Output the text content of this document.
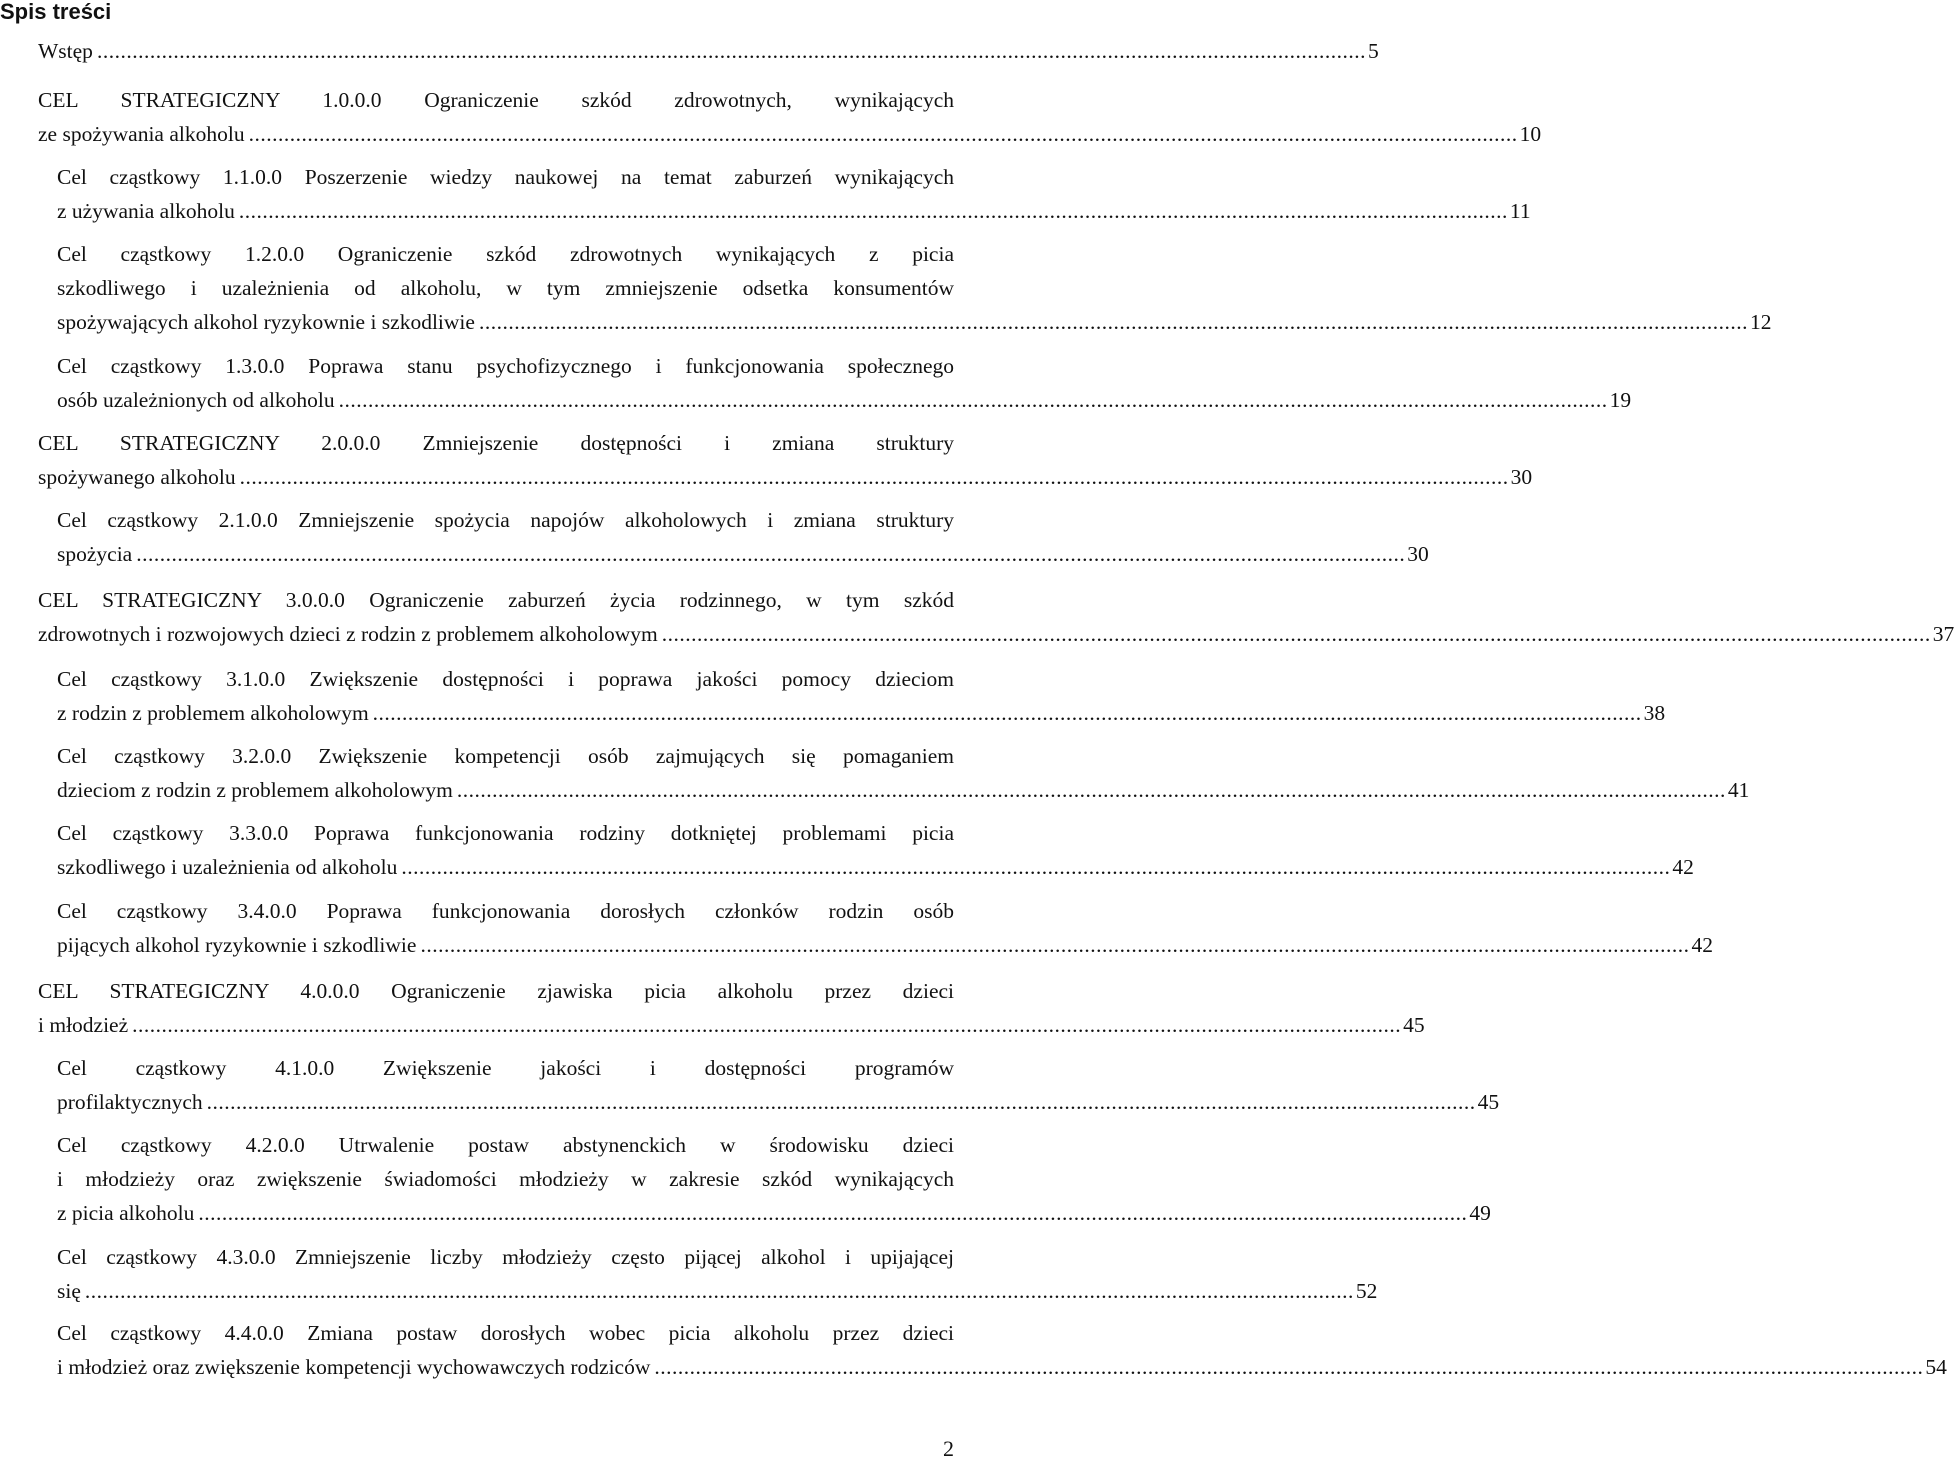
Spis treści
Wstęp ........................................................................................................................................................................................................................ 5
CEL STRATEGICZNY 1.0.0.0 Ograniczenie szkód zdrowotnych, wynikających
ze spożywania alkoholu ........................................................................................................................................................................................................................ 10
Cel cząstkowy 1.1.0.0 Poszerzenie wiedzy naukowej na temat zaburzeń wynikających
z używania alkoholu ........................................................................................................................................................................................................................ 11
Cel cząstkowy 1.2.0.0 Ograniczenie szkód zdrowotnych wynikających z picia
szkodliwego i uzależnienia od alkoholu, w tym zmniejszenie odsetka konsumentów
spożywających alkohol ryzykownie i szkodliwie ........................................................................................................................................................................................................................ 12
Cel cząstkowy 1.3.0.0 Poprawa stanu psychofizycznego i funkcjonowania społecznego
osób uzależnionych od alkoholu ........................................................................................................................................................................................................................ 19
CEL STRATEGICZNY 2.0.0.0 Zmniejszenie dostępności i zmiana struktury
spożywanego alkoholu ........................................................................................................................................................................................................................ 30
Cel cząstkowy 2.1.0.0 Zmniejszenie spożycia napojów alkoholowych i zmiana struktury
spożycia ........................................................................................................................................................................................................................ 30
CEL STRATEGICZNY 3.0.0.0 Ograniczenie zaburzeń życia rodzinnego, w tym szkód
zdrowotnych i rozwojowych dzieci z rodzin z problemem alkoholowym ........................................................................................................................................................................................................................ 37
Cel cząstkowy 3.1.0.0 Zwiększenie dostępności i poprawa jakości pomocy dzieciom
z rodzin z problemem alkoholowym ........................................................................................................................................................................................................................ 38
Cel cząstkowy 3.2.0.0 Zwiększenie kompetencji osób zajmujących się pomaganiem
dzieciom z rodzin z problemem alkoholowym ........................................................................................................................................................................................................................ 41
Cel cząstkowy 3.3.0.0 Poprawa funkcjonowania rodziny dotkniętej problemami picia
szkodliwego i uzależnienia od alkoholu ........................................................................................................................................................................................................................ 42
Cel cząstkowy 3.4.0.0 Poprawa funkcjonowania dorosłych członków rodzin osób
pijących alkohol ryzykownie i szkodliwie ........................................................................................................................................................................................................................ 42
CEL STRATEGICZNY 4.0.0.0 Ograniczenie zjawiska picia alkoholu przez dzieci
i młodzież ........................................................................................................................................................................................................................ 45
Cel cząstkowy 4.1.0.0 Zwiększenie jakości i dostępności programów
profilaktycznych ........................................................................................................................................................................................................................ 45
Cel cząstkowy 4.2.0.0 Utrwalenie postaw abstynenckich w środowisku dzieci
i młodzieży oraz zwiększenie świadomości młodzieży w zakresie szkód wynikających
z picia alkoholu ........................................................................................................................................................................................................................ 49
Cel cząstkowy 4.3.0.0 Zmniejszenie liczby młodzieży często pijącej alkohol i upijającej
się ........................................................................................................................................................................................................................ 52
Cel cząstkowy 4.4.0.0 Zmiana postaw dorosłych wobec picia alkoholu przez dzieci
i młodzież oraz zwiększenie kompetencji wychowawczych rodziców ........................................................................................................................................................................................................................ 54
2
